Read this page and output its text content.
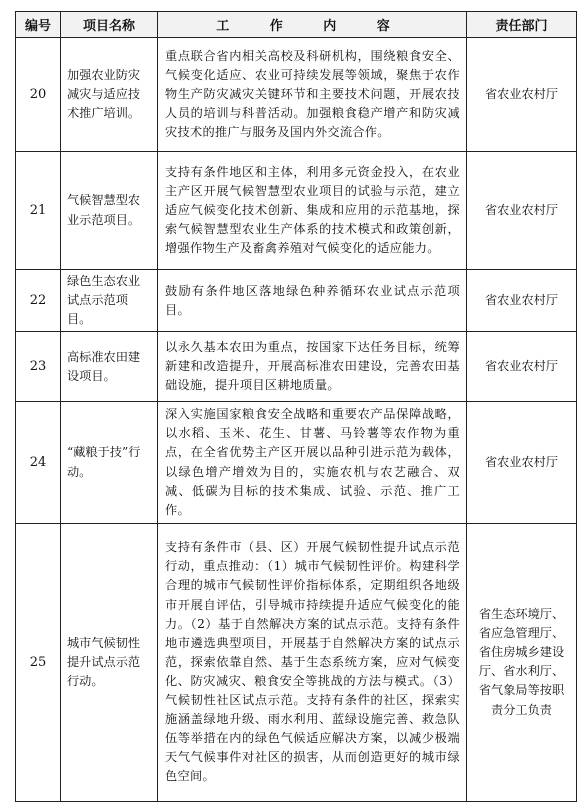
编号	项目名称	工 作 内 容	责任部门
20	加强农业防灾减灾与适应技术推广培训。	重点联合省内相关高校及科研机构，围绕粮食安全、气候变化适应、农业可持续发展等领域，聚焦于农作物生产防灾减灾关键环节和主要技术问题，开展农技人员的培训与科普活动。加强粮食稳产增产和防灾减灾技术的推广与服务及国内外交流合作。	省农业农村厅
21	气候智慧型农业示范项目。	支持有条件地区和主体，利用多元资金投入，在农业主产区开展气候智慧型农业项目的试验与示范，建立适应气候变化技术创新、集成和应用的示范基地，探索气候智慧型农业生产体系的技术模式和政策创新，增强作物生产及畜禽养殖对气候变化的适应能力。	省农业农村厅
22	绿色生态农业试点示范项目。	鼓励有条件地区落地绿色种养循环农业试点示范项目。	省农业农村厅
23	高标准农田建设项目。	以永久基本农田为重点，按国家下达任务目标，统筹新建和改造提升，开展高标准农田建设，完善农田基础设施，提升项目区耕地质量。	省农业农村厅
24	“藏粮于技”行动。	深入实施国家粮食安全战略和重要农产品保障战略，以水稻、玉米、花生、甘薯、马铃薯等农作物为重点，在全省优势主产区开展以品种引进示范为载体，以绿色增产增效为目的，实施农机与农艺融合、双减、低碳为目标的技术集成、试验、示范、推广工作。	省农业农村厅
25	城市气候韧性提升试点示范行动。	支持有条件市（县、区）开展气候韧性提升试点示范行动，重点推动：（1）城市气候韧性评价。构建科学合理的城市气候韧性评价指标体系，定期组织各地级市开展自评估，引导城市持续提升适应气候变化的能力。（2）基于自然解决方案的试点示范。支持有条件地市遴选典型项目，开展基于自然解决方案的试点示范，探索依靠自然、基于生态系统方案，应对气候变化、防灾减灾、粮食安全等挑战的方法与模式。（3）气候韧性社区试点示范。支持有条件的社区，探索实施涵盖绿地升级、雨水利用、蓝绿设施完善、救急队伍等举措在内的绿色气候适应解决方案，以减少极端天气气候事件对社区的损害，从而创造更好的城市绿色空间。	省生态环境厅、省应急管理厅、省住房城乡建设厅、省水利厅、省气象局等按职责分工负责
